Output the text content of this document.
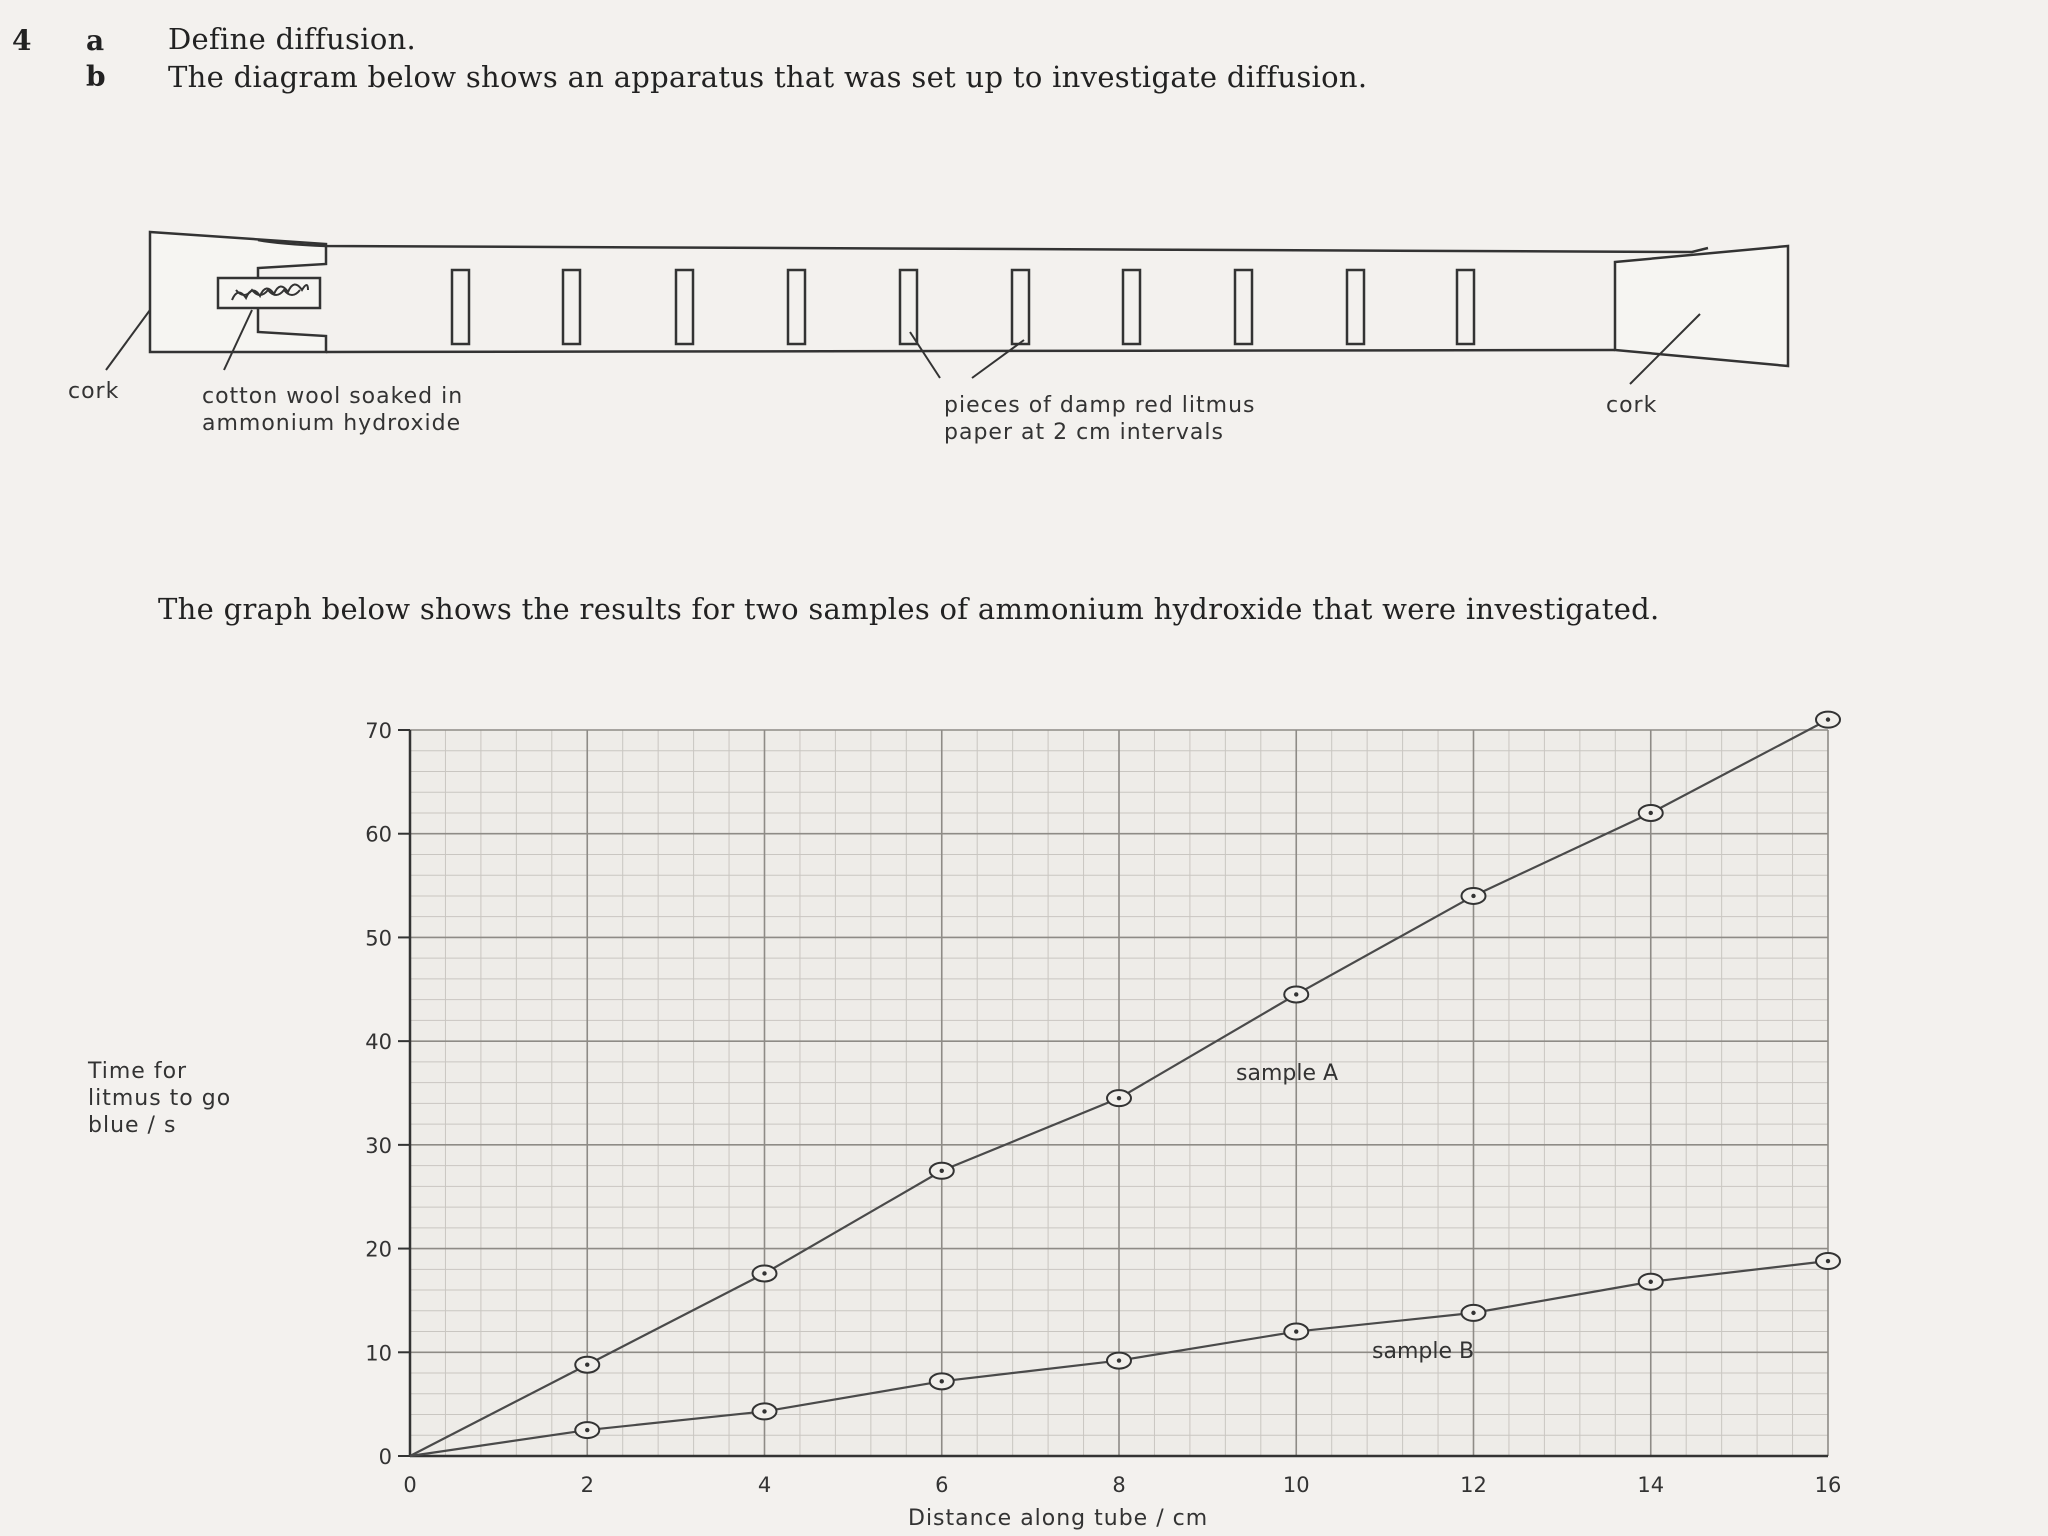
4 a Define diffusion.
b The diagram below shows an apparatus that was set up to investigate diffusion.
cork	cotton wool soaked in
ammonium hydroxide
pieces of damp red litmus
paper at 2 cm intervals
cork
The graph below shows the results for two samples of ammonium hydroxide that were investigated.
0
10
20
30
40
50
60
70
0	2	4	6	8	10	12	14	16
sample A
sample B
Time for
litmus to go
blue / s
Distance along tube / cm
